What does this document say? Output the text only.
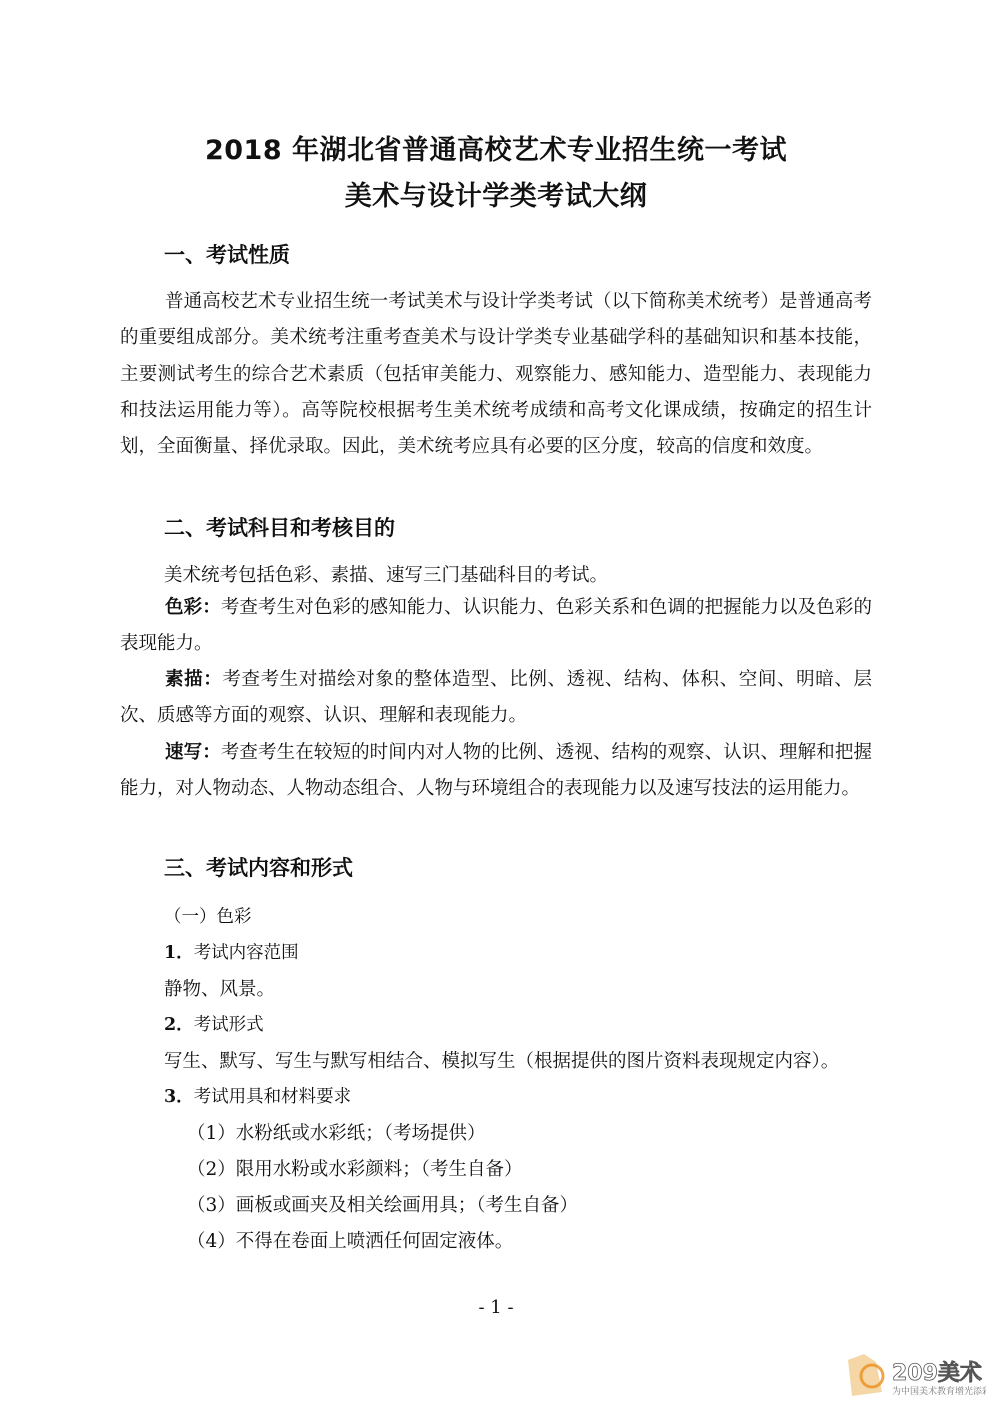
2018 年湖北省普通高校艺术专业招生统一考试
美术与设计学类考试大纲
一、考试性质

普通高校艺术专业招生统一考试美术与设计学类考试（以下简称美术统考）是普通高考的重要组成部分。美术统考注重考查美术与设计学类专业基础学科的基础知识和基本技能，主要测试考生的综合艺术素质（包括审美能力、观察能力、感知能力、造型能力、表现能力和技法运用能力等）。高等院校根据考生美术统考成绩和高考文化课成绩，按确定的招生计划，全面衡量、择优录取。因此，美术统考应具有必要的区分度，较高的信度和效度。

二、考试科目和考核目的

美术统考包括色彩、素描、速写三门基础科目的考试。

色彩：考查考生对色彩的感知能力、认识能力、色彩关系和色调的把握能力以及色彩的表现能力。

素描：考查考生对描绘对象的整体造型、比例、透视、结构、体积、空间、明暗、层次、质感等方面的观察、认识、理解和表现能力。

速写：考查考生在较短的时间内对人物的比例、透视、结构的观察、认识、理解和把握能力，对人物动态、人物动态组合、人物与环境组合的表现能力以及速写技法的运用能力。

三、考试内容和形式

（一）色彩

1．考试内容范围

静物、风景。

2．考试形式

写生、默写、写生与默写相结合、模拟写生（根据提供的图片资料表现规定内容）。

3．考试用具和材料要求

（1）水粉纸或水彩纸；（考场提供）

（2）限用水粉或水彩颜料；（考生自备）

（3）画板或画夹及相关绘画用具；（考生自备）

（4）不得在卷面上喷洒任何固定液体。

- 1 -
209美术
为中国美术教育增光添彩
